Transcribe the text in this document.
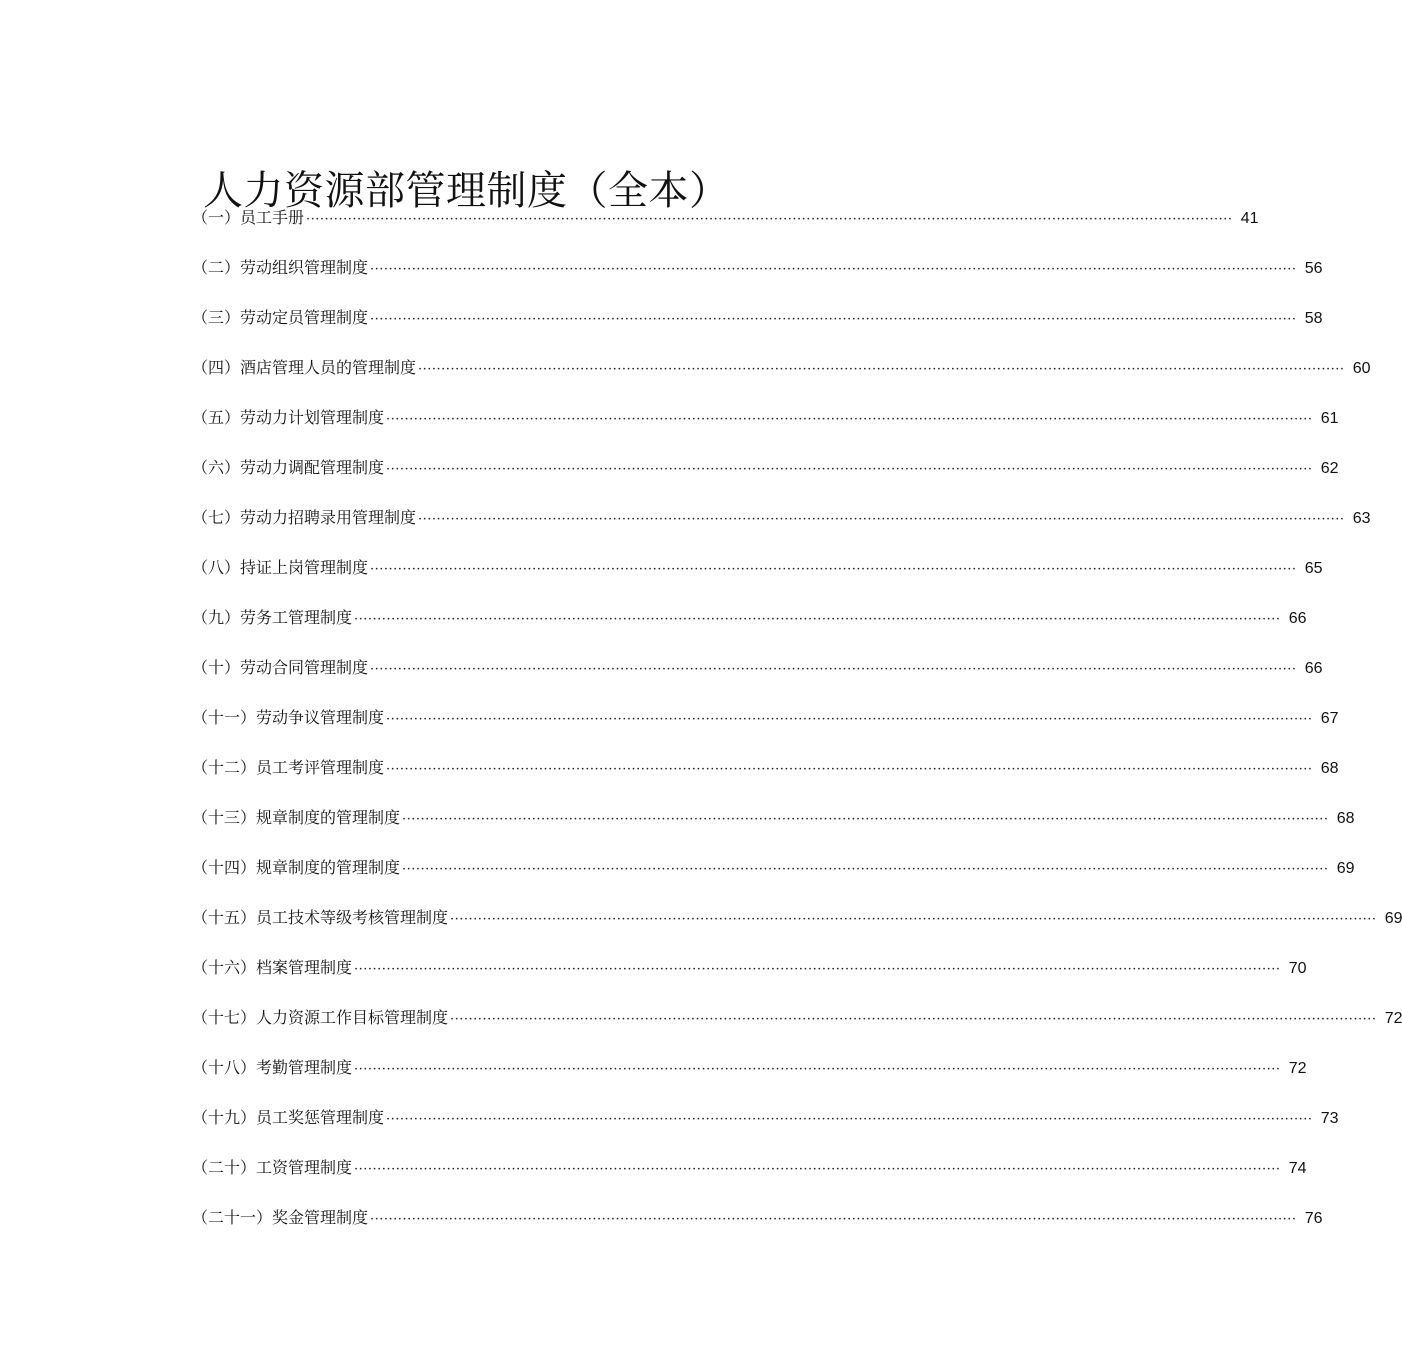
人力资源部管理制度（全本）
（一）员工手册 ········································································································································································································ 41
（二）劳动组织管理制度 ········································································································································································································ 56
（三）劳动定员管理制度 ········································································································································································································ 58
（四）酒店管理人员的管理制度 ········································································································································································································ 60
（五）劳动力计划管理制度 ········································································································································································································ 61
（六）劳动力调配管理制度 ········································································································································································································ 62
（七）劳动力招聘录用管理制度 ········································································································································································································ 63
（八）持证上岗管理制度 ········································································································································································································ 65
（九）劳务工管理制度 ········································································································································································································ 66
（十）劳动合同管理制度 ········································································································································································································ 66
（十一）劳动争议管理制度 ········································································································································································································ 67
（十二）员工考评管理制度 ········································································································································································································ 68
（十三）规章制度的管理制度 ········································································································································································································ 68
（十四）规章制度的管理制度 ········································································································································································································ 69
（十五）员工技术等级考核管理制度 ········································································································································································································ 69
（十六）档案管理制度 ········································································································································································································ 70
（十七）人力资源工作目标管理制度 ········································································································································································································ 72
（十八）考勤管理制度 ········································································································································································································ 72
（十九）员工奖惩管理制度 ········································································································································································································ 73
（二十）工资管理制度 ········································································································································································································ 74
（二十一）奖金管理制度 ········································································································································································································ 76
